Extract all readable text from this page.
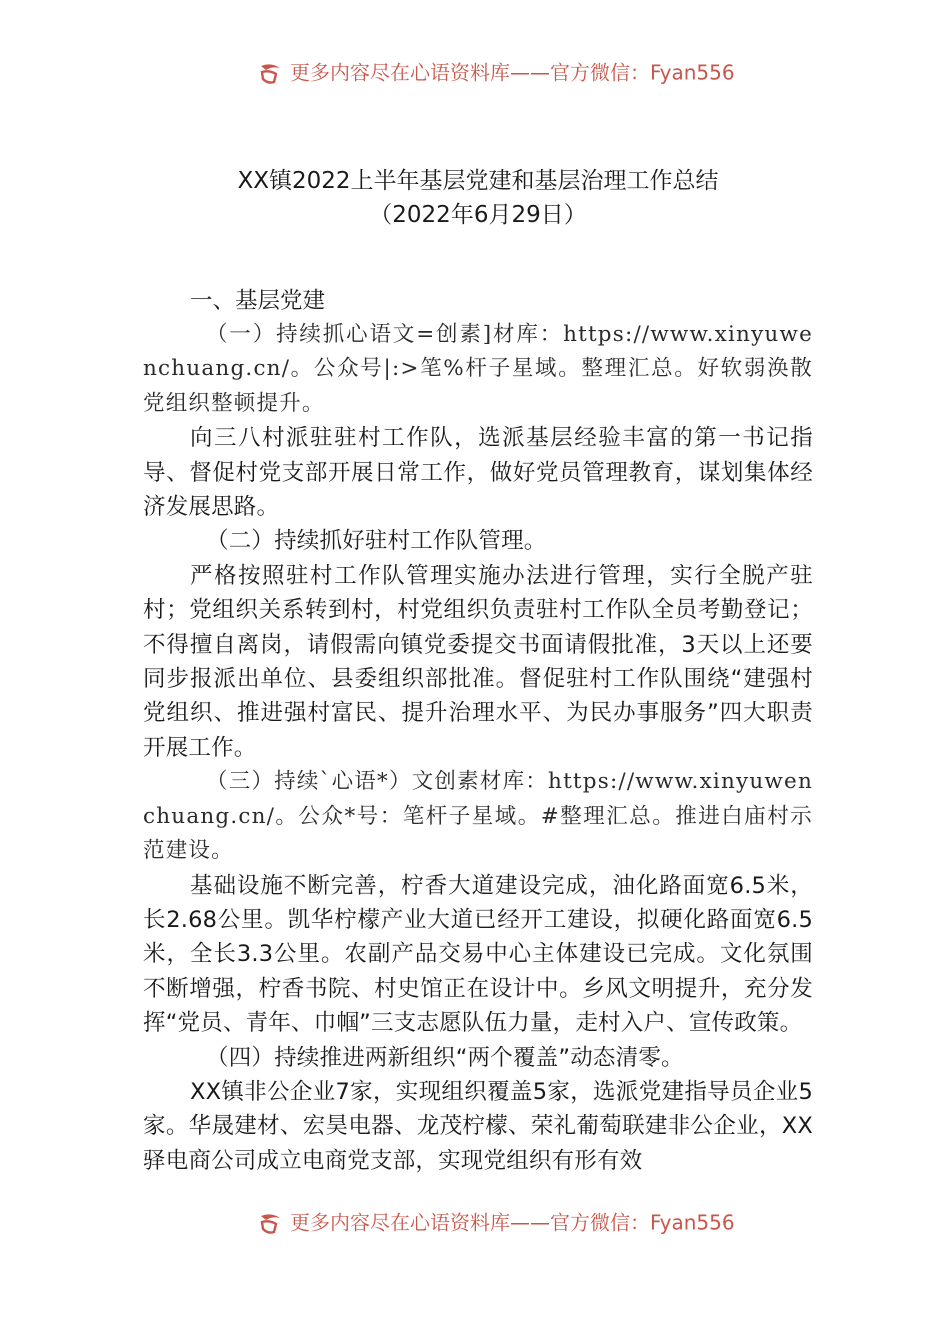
更多内容尽在心语资料库——官方微信：Fyan556
XX镇2022上半年基层党建和基层治理工作总结
（2022年6月29日）
一、基层党建

（一）持续抓心语文=创素]材库：https://www.xinyuwenchuang.cn/。公众号|:>笔%杆子星域。整理汇总。好软弱涣散党组织整顿提升。

向三八村派驻驻村工作队，选派基层经验丰富的第一书记指导、督促村党支部开展日常工作，做好党员管理教育，谋划集体经济发展思路。

（二）持续抓好驻村工作队管理。

严格按照驻村工作队管理实施办法进行管理，实行全脱产驻村；党组织关系转到村，村党组织负责驻村工作队全员考勤登记；不得擅自离岗，请假需向镇党委提交书面请假批准，3天以上还要同步报派出单位、县委组织部批准。督促驻村工作队围绕“建强村党组织、推进强村富民、提升治理水平、为民办事服务”四大职责开展工作。

（三）持续`心语*）文创素材库：https://www.xinyuwenchuang.cn/。公众*号：笔杆子星域。#整理汇总。推进白庙村示范建设。

基础设施不断完善，柠香大道建设完成，油化路面宽6.5米，长2.68公里。凯华柠檬产业大道已经开工建设，拟硬化路面宽6.5米，全长3.3公里。农副产品交易中心主体建设已完成。文化氛围不断增强，柠香书院、村史馆正在设计中。乡风文明提升，充分发挥“党员、青年、巾帼”三支志愿队伍力量，走村入户、宣传政策。

（四）持续推进两新组织“两个覆盖”动态清零。

XX镇非公企业7家，实现组织覆盖5家，选派党建指导员企业5家。华晟建材、宏昊电器、龙茂柠檬、荣礼葡萄联建非公企业，XX驿电商公司成立电商党支部，实现党组织有形有效

更多内容尽在心语资料库——官方微信：Fyan556
